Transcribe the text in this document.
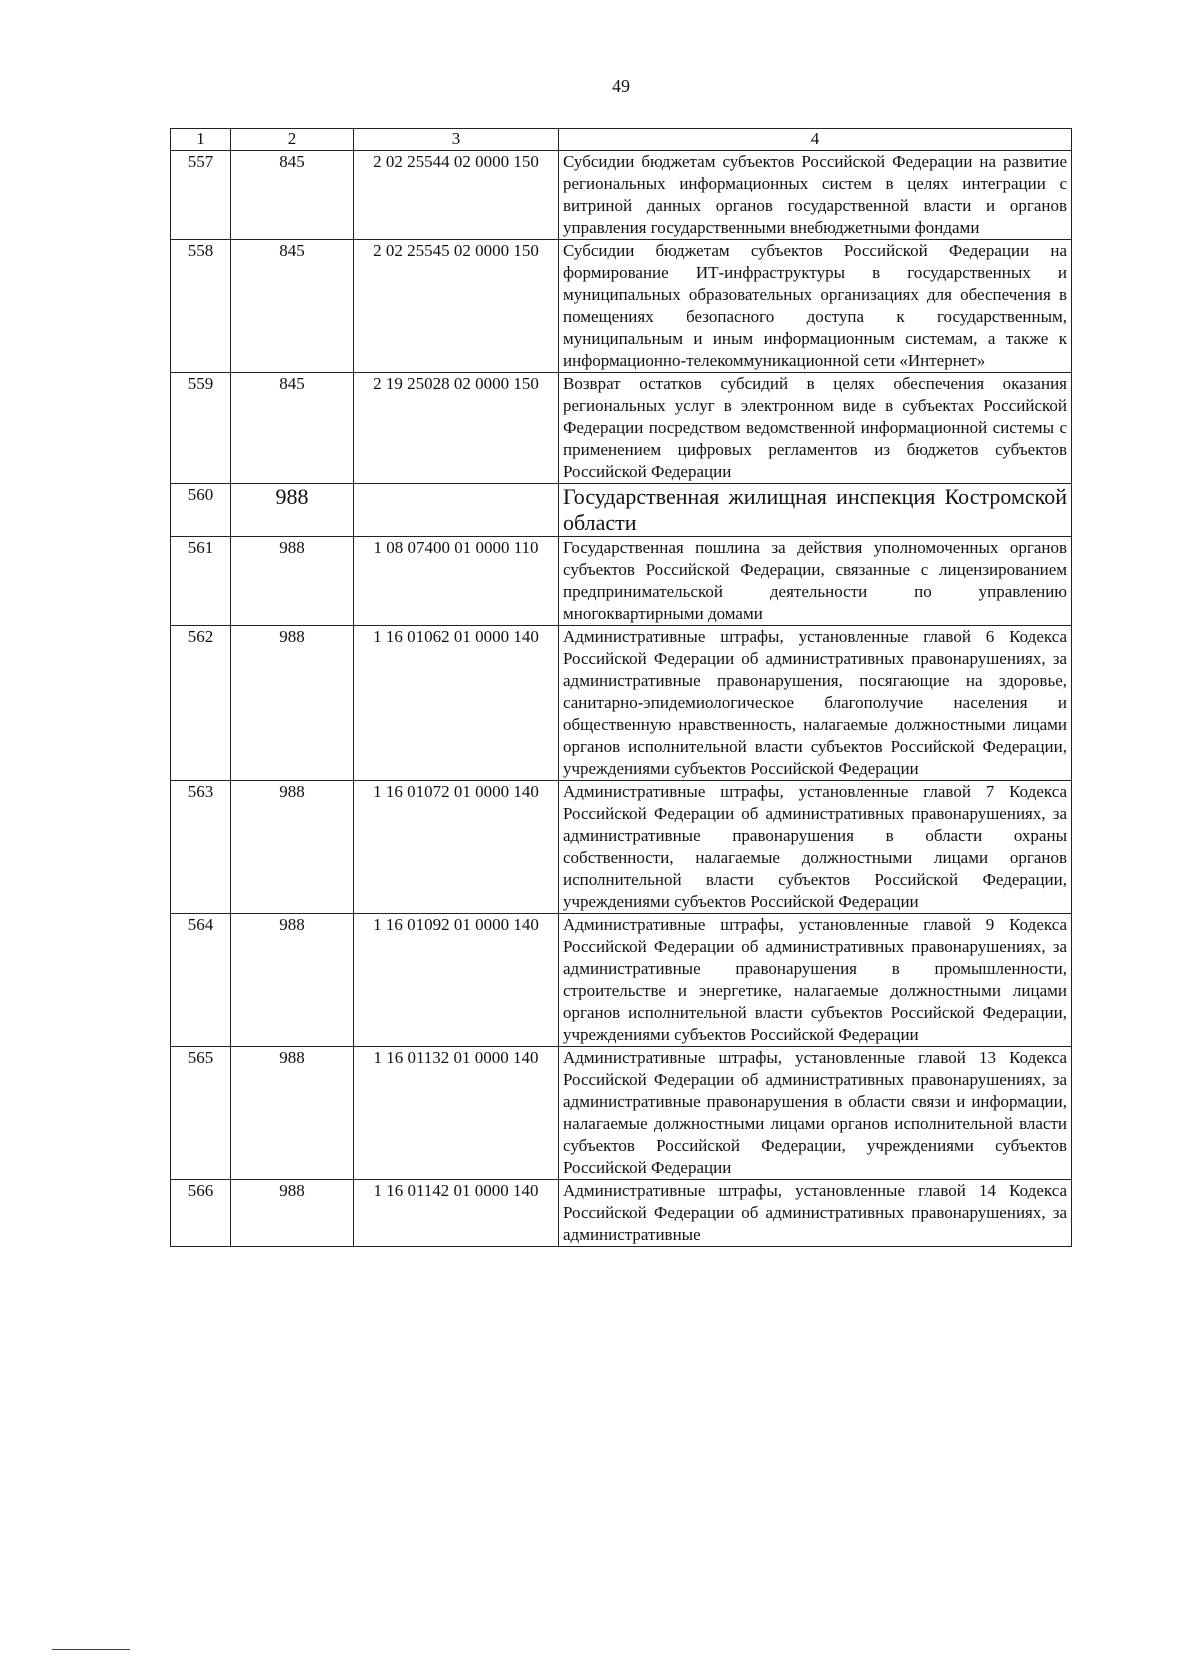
49
1	2	3	4
557	845	2 02 25544 02 0000 150	Субсидии бюджетам субъектов Российской Федерации на развитие региональных информационных систем в целях интеграции с витриной данных органов государственной власти и органов управления государственными внебюджетными фондами
558	845	2 02 25545 02 0000 150	Субсидии бюджетам субъектов Российской Федерации на формирование ИТ-инфраструктуры в государственных и муниципальных образовательных организациях для обеспечения в помещениях безопасного доступа к государственным, муниципальным и иным информационным системам, а также к информационно-телекоммуникационной сети «Интернет»
559	845	2 19 25028 02 0000 150	Возврат остатков субсидий в целях обеспечения оказания региональных услуг в электронном виде в субъектах Российской Федерации посредством ведомственной информационной системы с применением цифровых регламентов из бюджетов субъектов Российской Федерации
560	988		Государственная жилищная инспекция Костромской области
561	988	1 08 07400 01 0000 110	Государственная пошлина за действия уполномоченных органов субъектов Российской Федерации, связанные с лицензированием предпринимательской деятельности по управлению многоквартирными домами
562	988	1 16 01062 01 0000 140	Административные штрафы, установленные главой 6 Кодекса Российской Федерации об административных правонарушениях, за административные правонарушения, посягающие на здоровье, санитарно-эпидемиологическое благополучие населения и общественную нравственность, налагаемые должностными лицами органов исполнительной власти субъектов Российской Федерации, учреждениями субъектов Российской Федерации
563	988	1 16 01072 01 0000 140	Административные штрафы, установленные главой 7 Кодекса Российской Федерации об административных правонарушениях, за административные правонарушения в области охраны собственности, налагаемые должностными лицами органов исполнительной власти субъектов Российской Федерации, учреждениями субъектов Российской Федерации
564	988	1 16 01092 01 0000 140	Административные штрафы, установленные главой 9 Кодекса Российской Федерации об административных правонарушениях, за административные правонарушения в промышленности, строительстве и энергетике, налагаемые должностными лицами органов исполнительной власти субъектов Российской Федерации, учреждениями субъектов Российской Федерации
565	988	1 16 01132 01 0000 140	Административные штрафы, установленные главой 13 Кодекса Российской Федерации об административных правонарушениях, за административные правонарушения в области связи и информации, налагаемые должностными лицами органов исполнительной власти субъектов Российской Федерации, учреждениями субъектов Российской Федерации
566	988	1 16 01142 01 0000 140	Административные штрафы, установленные главой 14 Кодекса Российской Федерации об административных правонарушениях, за административные
